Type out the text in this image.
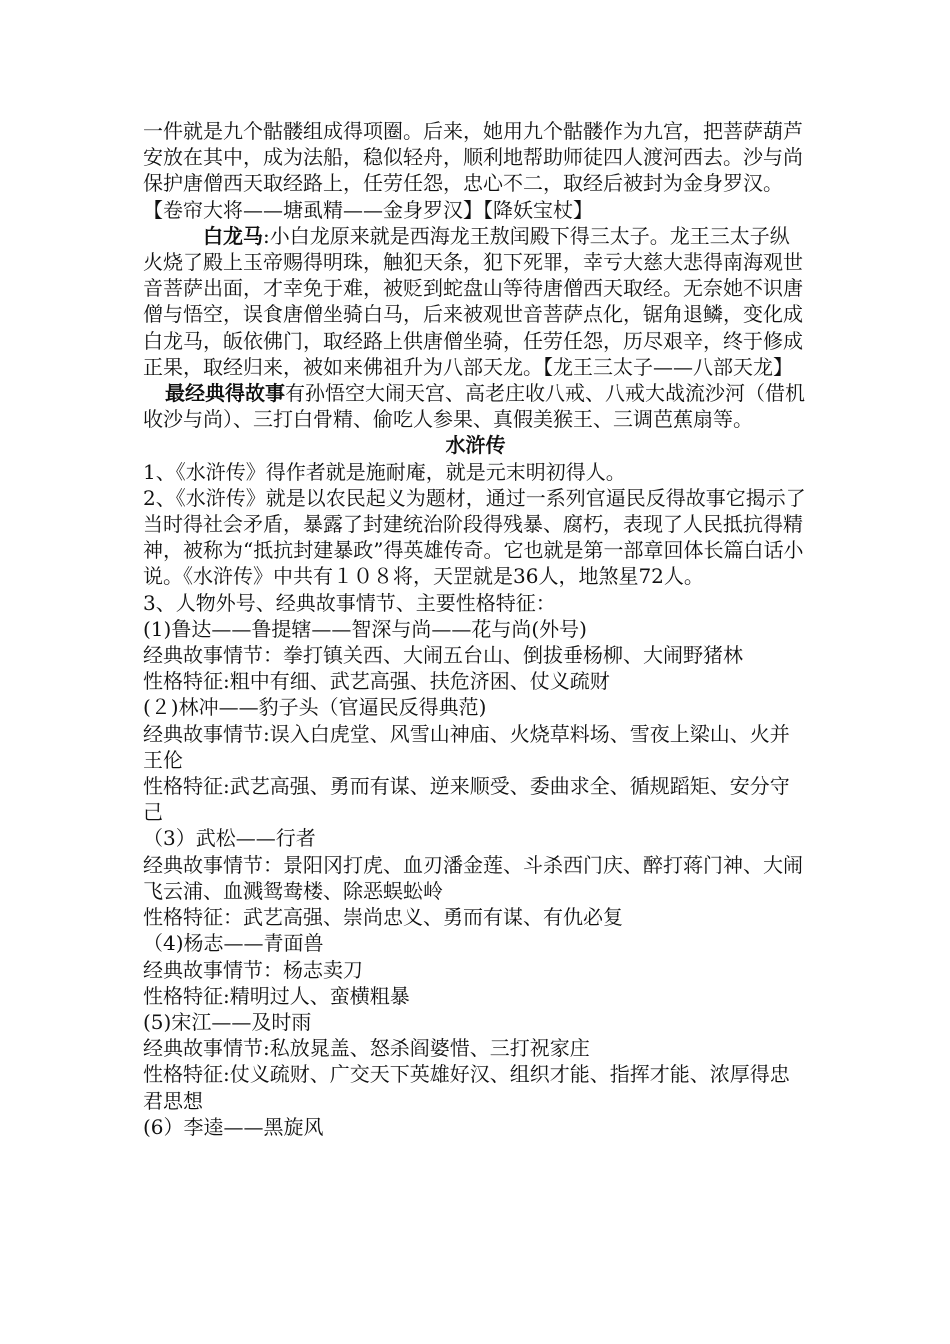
一件就是九个骷髅组成得项圈。后来，她用九个骷髅作为九宫，把菩萨葫芦安放在其中，成为法船，稳似轻舟，顺利地帮助师徒四人渡河西去。沙与尚保护唐僧西天取经路上，任劳任怨，忠心不二，取经后被封为金身罗汉。【卷帘大将——塘虱精——金身罗汉】【降妖宝杖】

白龙马:小白龙原来就是西海龙王敖闰殿下得三太子。龙王三太子纵火烧了殿上玉帝赐得明珠，触犯天条，犯下死罪，幸亏大慈大悲得南海观世音菩萨出面，才幸免于难，被贬到蛇盘山等待唐僧西天取经。无奈她不识唐僧与悟空，误食唐僧坐骑白马，后来被观世音菩萨点化，锯角退鳞，变化成白龙马，皈依佛门，取经路上供唐僧坐骑，任劳任怨，历尽艰辛，终于修成正果，取经归来，被如来佛祖升为八部天龙。【龙王三太子——八部天龙】

最经典得故事有孙悟空大闹天宫、高老庄收八戒、八戒大战流沙河（借机收沙与尚）、三打白骨精、偷吃人参果、真假美猴王、三调芭蕉扇等。

水浒传

1、《水浒传》得作者就是施耐庵，就是元末明初得人。

2、《水浒传》就是以农民起义为题材，通过一系列官逼民反得故事它揭示了当时得社会矛盾，暴露了封建统治阶段得残暴、腐朽，表现了人民抵抗得精神，被称为“抵抗封建暴政”得英雄传奇。它也就是第一部章回体长篇白话小说。《水浒传》中共有１０８将，天罡就是36人，地煞星72人。

3、人物外号、经典故事情节、主要性格特征：

(1)鲁达——鲁提辖——智深与尚——花与尚(外号)

经典故事情节：拳打镇关西、大闹五台山、倒拔垂杨柳、大闹野猪林

性格特征:粗中有细、武艺高强、扶危济困、仗义疏财

(２)林冲——豹子头（官逼民反得典范)

经典故事情节:误入白虎堂、风雪山神庙、火烧草料场、雪夜上梁山、火并王伦

性格特征:武艺高强、勇而有谋、逆来顺受、委曲求全、循规蹈矩、安分守己

（3）武松——行者

经典故事情节：景阳冈打虎、血刃潘金莲、斗杀西门庆、醉打蒋门神、大闹飞云浦、血溅鸳鸯楼、除恶蜈蚣岭

性格特征：武艺高强、崇尚忠义、勇而有谋、有仇必复

（4)杨志——青面兽

经典故事情节：杨志卖刀

性格特征:精明过人、蛮横粗暴

(5)宋江——及时雨

经典故事情节:私放晁盖、怒杀阎婆惜、三打祝家庄

性格特征:仗义疏财、广交天下英雄好汉、组织才能、指挥才能、浓厚得忠君思想

(6）李逵——黑旋风
